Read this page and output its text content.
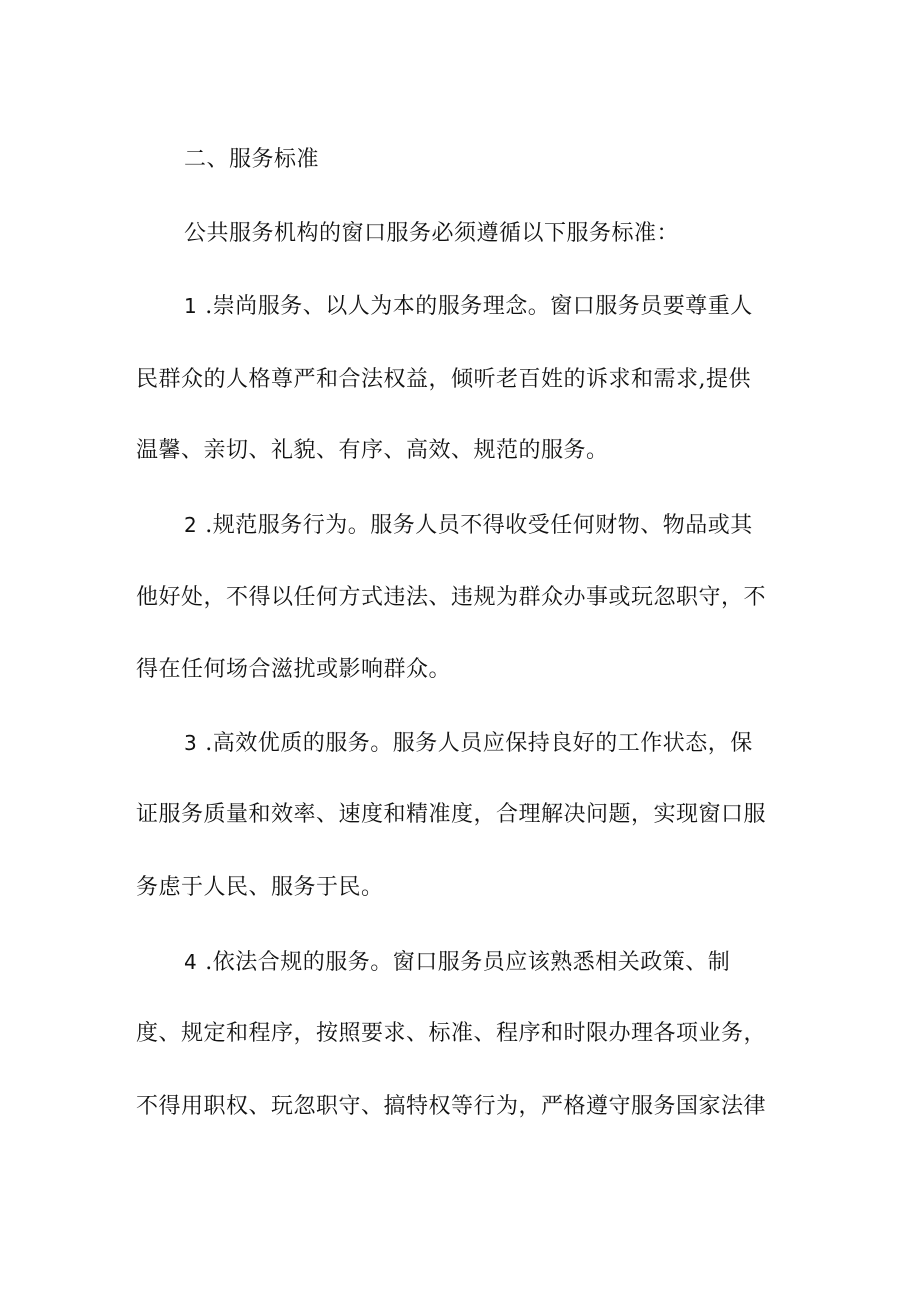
二、服务标准
公共服务机构的窗口服务必须遵循以下服务标准：
1 .崇尚服务、以人为本的服务理念。窗口服务员要尊重人
民群众的人格尊严和合法权益，倾听老百姓的诉求和需求,提供
温馨、亲切、礼貌、有序、高效、规范的服务。
2 .规范服务行为。服务人员不得收受任何财物、物品或其
他好处，不得以任何方式违法、违规为群众办事或玩忽职守，不
得在任何场合滋扰或影响群众。
3 .高效优质的服务。服务人员应保持良好的工作状态，保
证服务质量和效率、速度和精准度，合理解决问题，实现窗口服
务虑于人民、服务于民。
4 .依法合规的服务。窗口服务员应该熟悉相关政策、制
度、规定和程序，按照要求、标准、程序和时限办理各项业务，
不得用职权、玩忽职守、搞特权等行为，严格遵守服务国家法律
